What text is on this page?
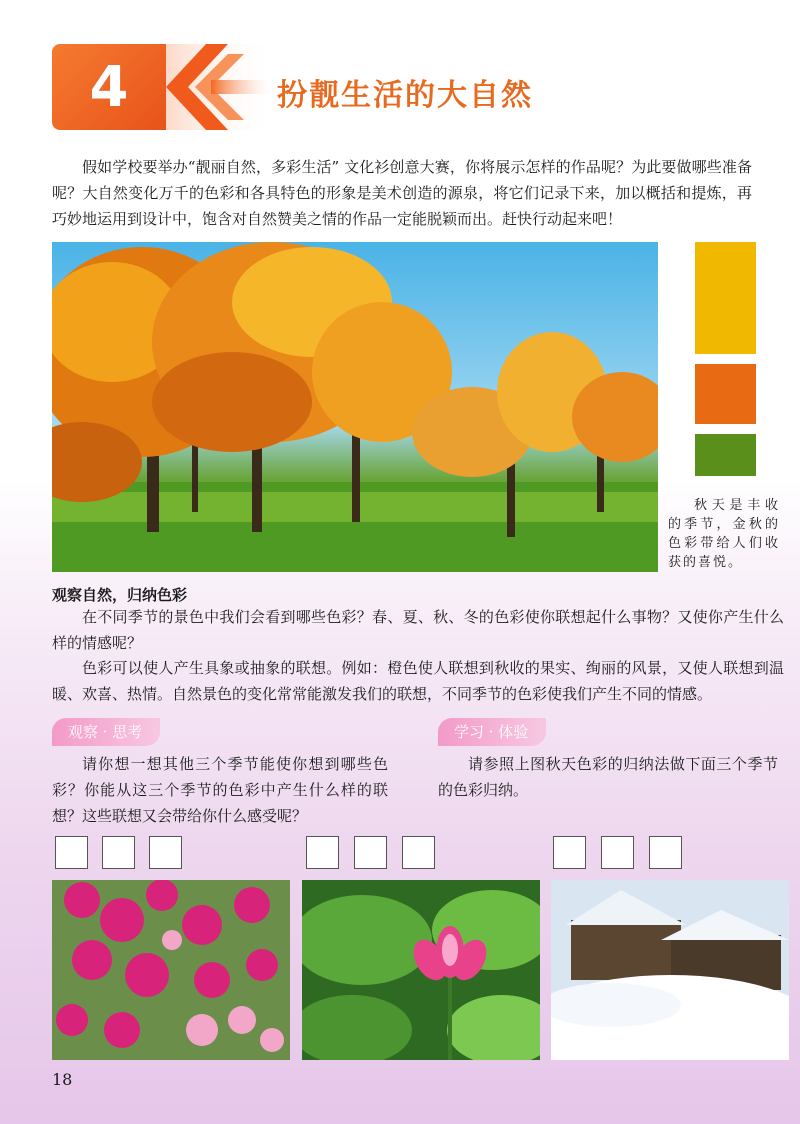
4	扮靓生活的大自然
假如学校要举办“靓丽自然，多彩生活” 文化衫创意大赛，你将展示怎样的作品呢？为此要做哪些准备呢？大自然变化万千的色彩和各具特色的形象是美术创造的源泉，将它们记录下来，加以概括和提炼，再巧妙地运用到设计中，饱含对自然赞美之情的作品一定能脱颖而出。赶快行动起来吧！
秋天是丰收的季节，金秋的色彩带给人们收获的喜悦。
观察自然，归纳色彩
在不同季节的景色中我们会看到哪些色彩？春、夏、秋、冬的色彩使你联想起什么事物？又使你产生什么样的情感呢？
色彩可以使人产生具象或抽象的联想。例如：橙色使人联想到秋收的果实、绚丽的风景，又使人联想到温暖、欢喜、热情。自然景色的变化常常能激发我们的联想，不同季节的色彩使我们产生不同的情感。
观察 · 思考	学习 · 体验
请你想一想其他三个季节能使你想到哪些色彩？你能从这三个季节的色彩中产生什么样的联想？这些联想又会带给你什么感受呢？
请参照上图秋天色彩的归纳法做下面三个季节的色彩归纳。
18
